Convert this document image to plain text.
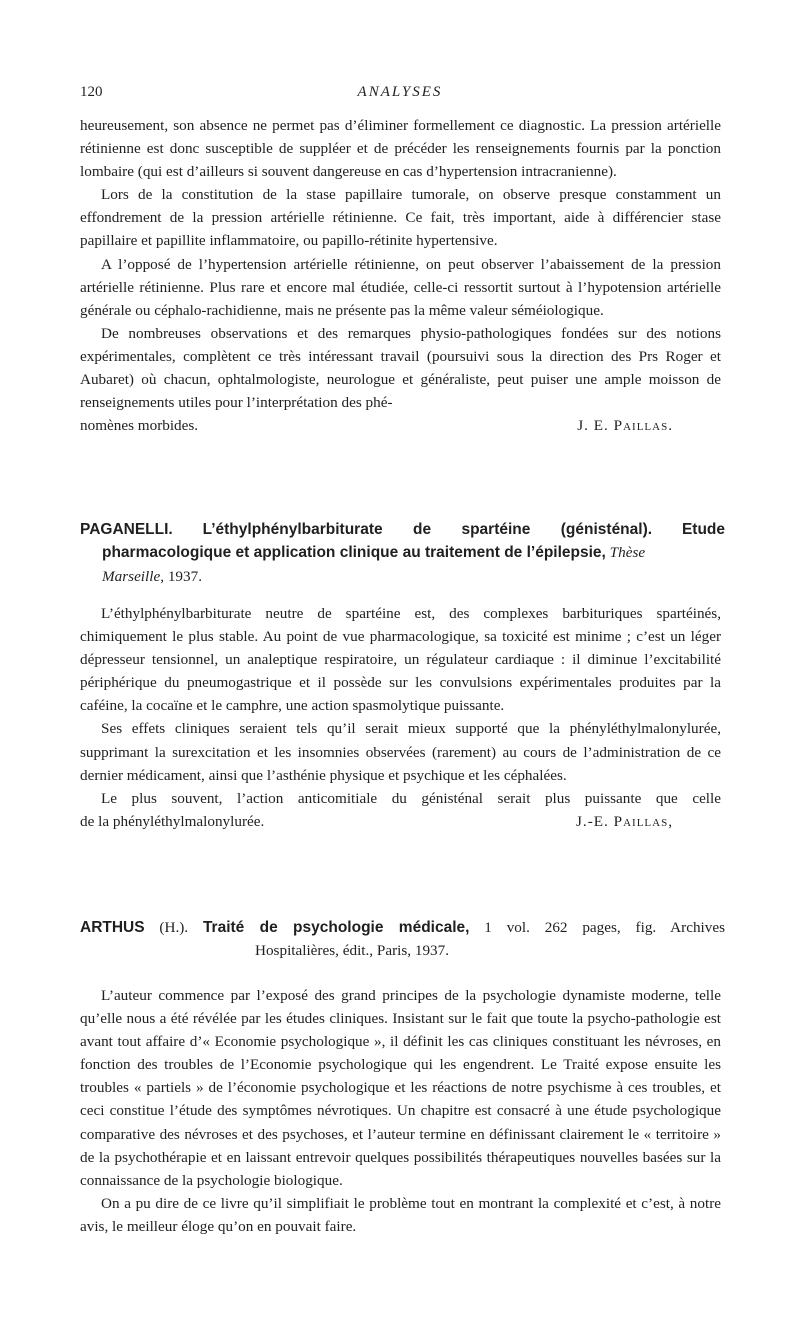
120	ANALYSES

heureusement, son absence ne permet pas d’éliminer formellement ce diagnostic. La pression artérielle rétinienne est donc susceptible de suppléer et de précéder les renseignements fournis par la ponction lombaire (qui est d’ailleurs si souvent dangereuse en cas d’hypertension intracranienne).

Lors de la constitution de la stase papillaire tumorale, on observe presque constamment un effondrement de la pression artérielle rétinienne. Ce fait, très important, aide à différencier stase papillaire et papillite inflammatoire, ou papillo-rétinite hypertensive.

A l’opposé de l’hypertension artérielle rétinienne, on peut observer l’abaissement de la pression artérielle rétinienne. Plus rare et encore mal étudiée, celle-ci ressortit surtout à l’hypotension artérielle générale ou céphalo-rachidienne, mais ne présente pas la même valeur séméiologique.

De nombreuses observations et des remarques physio-pathologiques fondées sur des notions expérimentales, complètent ce très intéressant travail (poursuivi sous la direction des Prs Roger et Aubaret) où chacun, ophtalmologiste, neurologue et généraliste, peut puiser une ample moisson de renseignements utiles pour l’interprétation des phé-

nomènes morbides.	J. E. Paillas.
PAGANELLI. L’éthylphénylbarbiturate de spartéine (génisténal). Etude
pharmacologique et application clinique au traitement de l’épilepsie, Thèse
Marseille, 1937.

L’éthylphénylbarbiturate neutre de spartéine est, des complexes barbituriques spartéinés, chimiquement le plus stable. Au point de vue pharmacologique, sa toxicité est minime ; c’est un léger dépresseur tensionnel, un analeptique respiratoire, un régulateur cardiaque : il diminue l’excitabilité périphérique du pneumogastrique et il possède sur les convulsions expérimentales produites par la caféine, la cocaïne et le camphre, une action spasmolytique puissante.

Ses effets cliniques seraient tels qu’il serait mieux supporté que la phényléthylmalonylurée, supprimant la surexcitation et les insomnies observées (rarement) au cours de l’administration de ce dernier médicament, ainsi que l’asthénie physique et psychique et les céphalées.

Le plus souvent, l’action anticomitiale du génisténal serait plus puissante que celle

de la phényléthylmalonylurée.	J.-E. Paillas,
ARTHUS (H.). Traité de psychologie médicale, 1 vol. 262 pages, fig. Archives
Hospitalières, édit., Paris, 1937.

L’auteur commence par l’exposé des grand principes de la psychologie dynamiste moderne, telle qu’elle nous a été révélée par les études cliniques. Insistant sur le fait que toute la psycho-pathologie est avant tout affaire d’« Economie psychologique », il définit les cas cliniques constituant les névroses, en fonction des troubles de l’Economie psychologique qui les engendrent. Le Traité expose ensuite les troubles « partiels » de l’économie psychologique et les réactions de notre psychisme à ces troubles, et ceci constitue l’étude des symptômes névrotiques. Un chapitre est consacré à une étude psychologique comparative des névroses et des psychoses, et l’auteur termine en définissant clairement le « territoire » de la psychothérapie et en laissant entrevoir quelques possibilités thérapeutiques nouvelles basées sur la connaissance de la psychologie biologique.

On a pu dire de ce livre qu’il simplifiait le problème tout en montrant la complexité et c’est, à notre avis, le meilleur éloge qu’on en pouvait faire.
